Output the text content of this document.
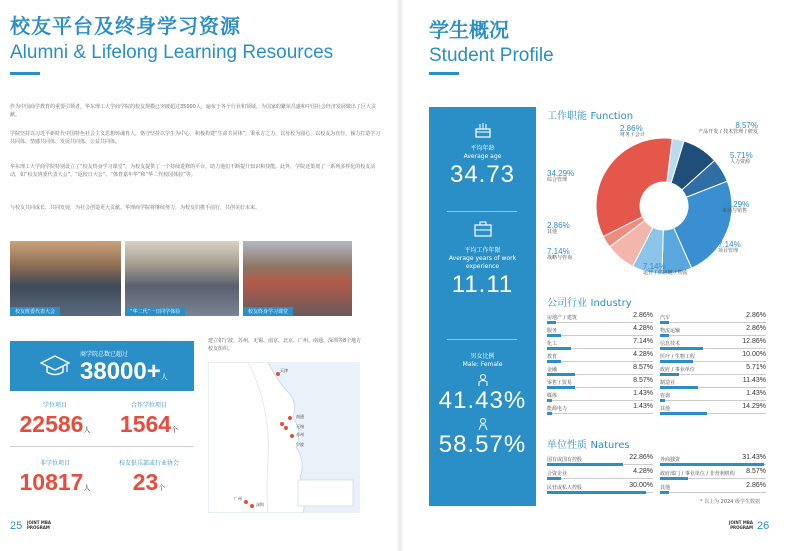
校友平台及终身学习资源
Alumni & Lifelong Learning Resources
作为中国商学教育的重要引领者，华东理工大学商学院的校友规模已突破超过35000人，遍布于各个行业和领域，为国家的繁荣昌盛和中国社会经济发展做出了巨大贡献。
学院坚持以习近平新时代中国特色社会主义思想铸魂育人，恪守坚持以学生为中心，积极构建“生命共同体”，秉承方之力，以母校为圆心，以校友为直径，倾力打造学习共同体、情感共同体、发展共同体、公益共同体。
华东理工大学商学院特别设立了“校友终身学习课堂”，为校友提供了一个持续进修的平台，助力他们不断提升知识和技能。此外，学院还策划了一系列多样化的校友活动，如“校友班委代表大会”、“返校日大会”、“体育嘉年华”和“华二代校园体验”等。
与校友共同成长、共同发展，为社会创造更大贡献。华理商学院将继续努力，为校友们携手前行，共创美好未来。
校友班委代表大会	“华二代”一日同学体验	校友终身学习课堂
商学院总数已超过
38000+人
学位项目
22586人
合作学位项目
1564个
非学位项目
10817人
校友俱乐部或行业协会
23个
建立如宁波、苏州、无锡、南京、北京、广州、南通、深圳等8个地方校友组织。
天津
南通
无锡
苏州
宁波
广州
深圳
25 JOINT MBA
PROGRAM
学生概况
Student Profile
平均年龄
Average age
34.73
平均工作年限
Average years of work experience
11.11
男女比例
Male: Female
41.43%
58.57%
工作职能 Function
2.86%
财务 / 会计
8.57%
产品开发 / 技术管理 / 研发
5.71%
人力资源
24.29%
市场与销售
7.14%
项目管理
7.14%
运营 / 供应链 / 物流
7.14%
战略与咨询
2.86%
其他
34.29%
综合管理
公司行业 Industry
房地产 / 建筑	2.86%
服务	4.28%
化工	7.14%
教育	4.28%
金融	8.57%
零售 / 贸易	8.57%
媒体	1.43%
能源电力	1.43%
汽车	2.86%
物流运输	2.86%
信息技术	12.86%
医疗 / 生物工程	10.00%
政府 / 事业单位	5.71%
制造业	11.43%
咨询	1.43%
其他	14.29%
单位性质 Natures
国有或国有控股	22.86%
合资企业	4.28%
民营或私人控股	30.00%
外商独资	31.43%
政府部门 / 事业单位 / 非营利机构 8.57%
其他	2.86%
* 以上为 2024 级学生数据
JOINT MBA
PROGRAM 26
